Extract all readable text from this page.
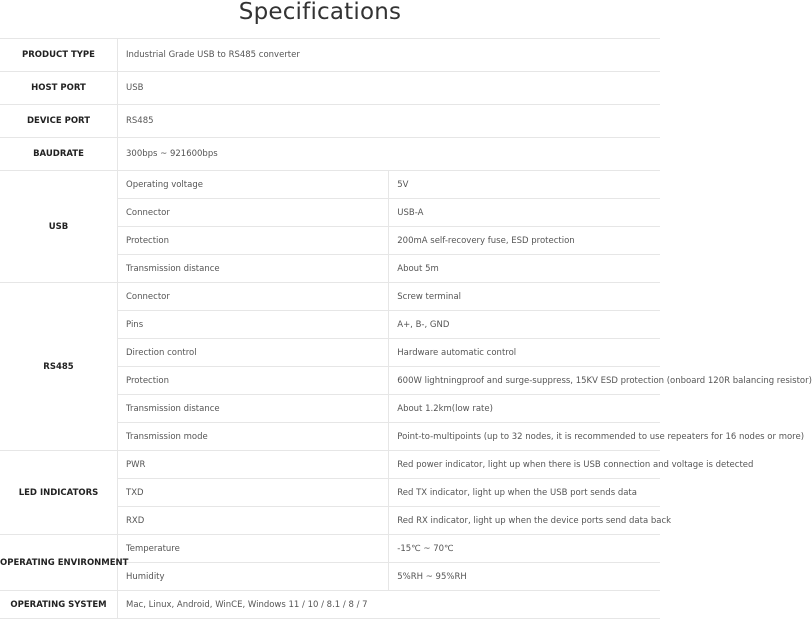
Specifications
PRODUCT TYPE	Industrial Grade USB to RS485 converter	
HOST PORT	USB	
DEVICE PORT	RS485	
BAUDRATE	300bps ~ 921600bps	
USB	Operating voltage	5V
	Connector	USB-A
	Protection	200mA self-recovery fuse, ESD protection
	Transmission distance	About 5m
RS485	Connector	Screw terminal
	Pins	A+, B-, GND
	Direction control	Hardware automatic control
	Protection	600W lightningproof and surge-suppress, 15KV ESD protection (onboard 120R balancing resistor)
	Transmission distance	About 1.2km(low rate)
	Transmission mode	Point-to-multipoints (up to 32 nodes, it is recommended to use repeaters for 16 nodes or more)
LED INDICATORS	PWR	Red power indicator, light up when there is USB connection and voltage is detected
	TXD	Red TX indicator, light up when the USB port sends data
	RXD	Red RX indicator, light up when the device ports send data back
OPERATING ENVIRONMENT	Temperature	-15℃ ~ 70℃
	Humidity	5%RH ~ 95%RH
OPERATING SYSTEM	Mac, Linux, Android, WinCE, Windows 11 / 10 / 8.1 / 8 / 7	
